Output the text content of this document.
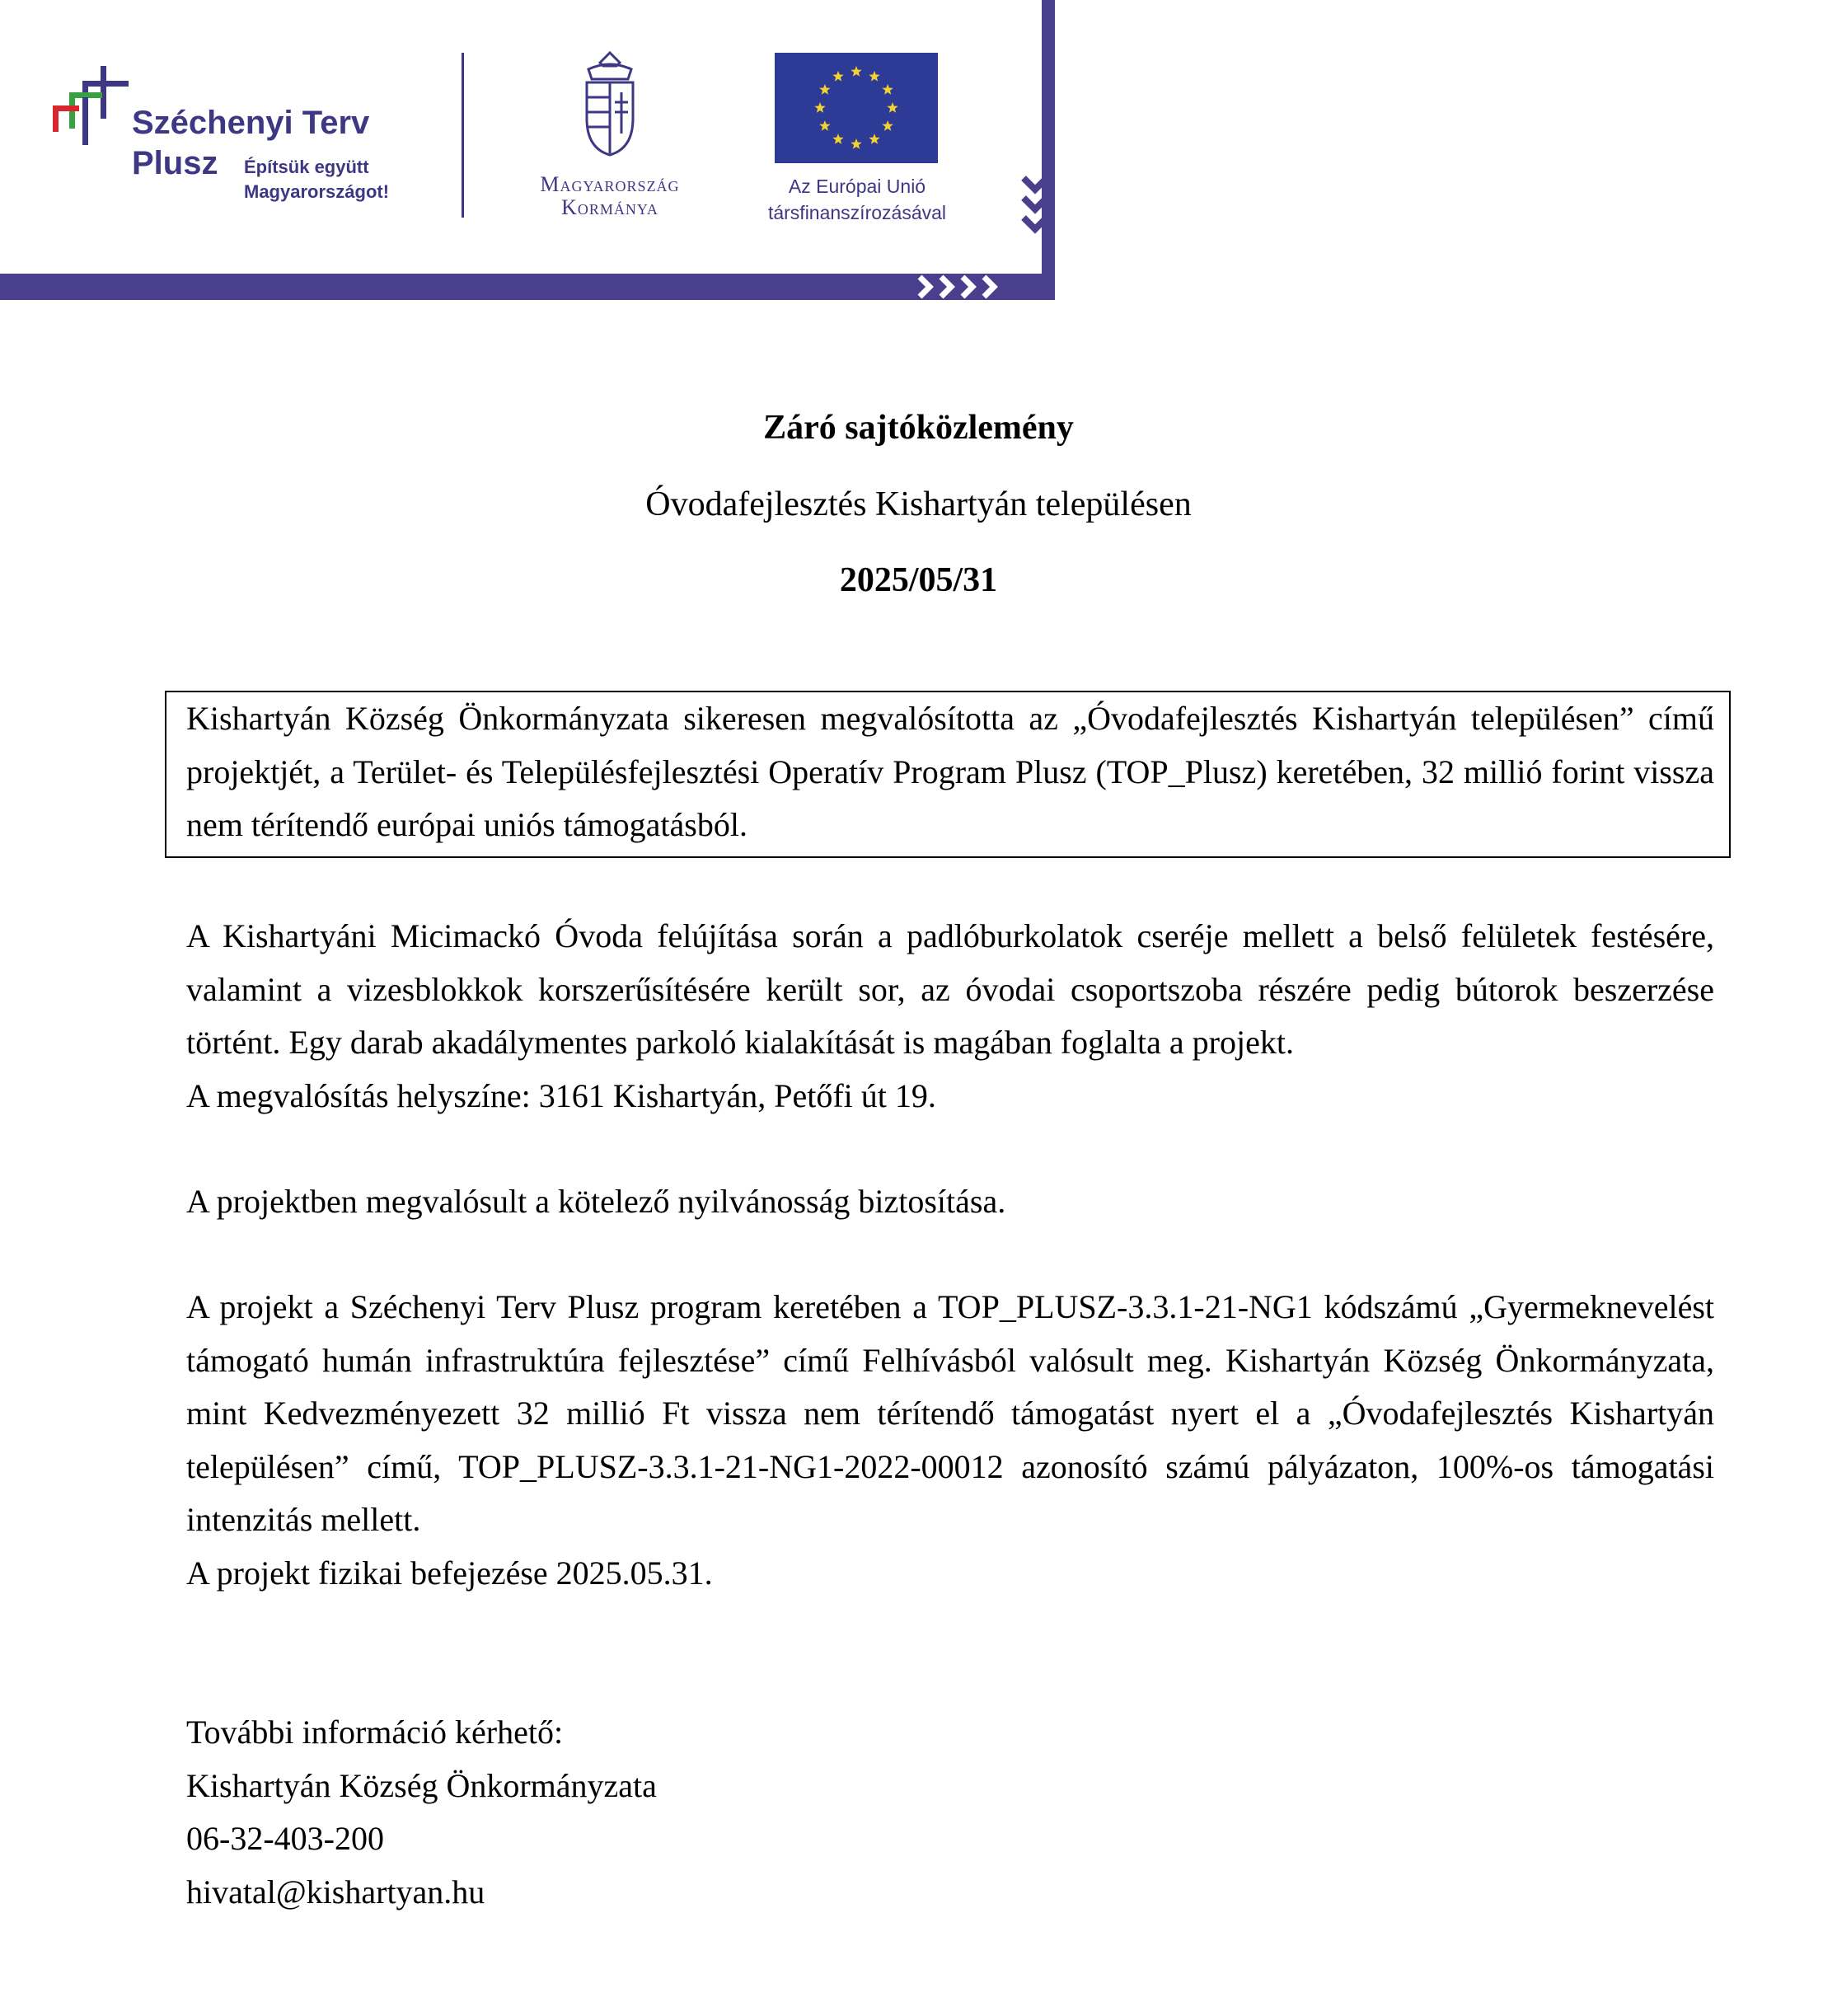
Széchenyi Terv
Plusz Építsük együtt
Magyarországot!	Magyarország
Kormánya
Az Európai Unió
társfinanszírozásával
Záró sajtóközlemény
Óvodafejlesztés Kishartyán településen
2025/05/31
Kishartyán Község Önkormányzata sikeresen megvalósította az „Óvodafejlesztés Kishartyán településen” című projektjét, a Terület- és Településfejlesztési Operatív Program Plusz (TOP_Plusz) keretében, 32 millió forint vissza nem térítendő európai uniós támogatásból.
A Kishartyáni Micimackó Óvoda felújítása során a padlóburkolatok cseréje mellett a belső felületek festésére, valamint a vizesblokkok korszerűsítésére került sor, az óvodai csoportszoba részére pedig bútorok beszerzése történt. Egy darab akadálymentes parkoló kialakítását is magában foglalta a projekt.
A megvalósítás helyszíne: 3161 Kishartyán, Petőfi út 19.
A projektben megvalósult a kötelező nyilvánosság biztosítása.
A projekt a Széchenyi Terv Plusz program keretében a TOP_PLUSZ-3.3.1-21-NG1 kódszámú „Gyermeknevelést támogató humán infrastruktúra fejlesztése” című Felhívásból valósult meg. Kishartyán Község Önkormányzata, mint Kedvezményezett 32 millió Ft vissza nem térítendő támogatást nyert el a „Óvodafejlesztés Kishartyán településen” című, TOP_PLUSZ-3.3.1-21-NG1-2022-00012 azonosító számú pályázaton, 100%-os támogatási intenzitás mellett.
A projekt fizikai befejezése 2025.05.31.
További információ kérhető:
Kishartyán Község Önkormányzata
06-32-403-200
hivatal@kishartyan.hu
